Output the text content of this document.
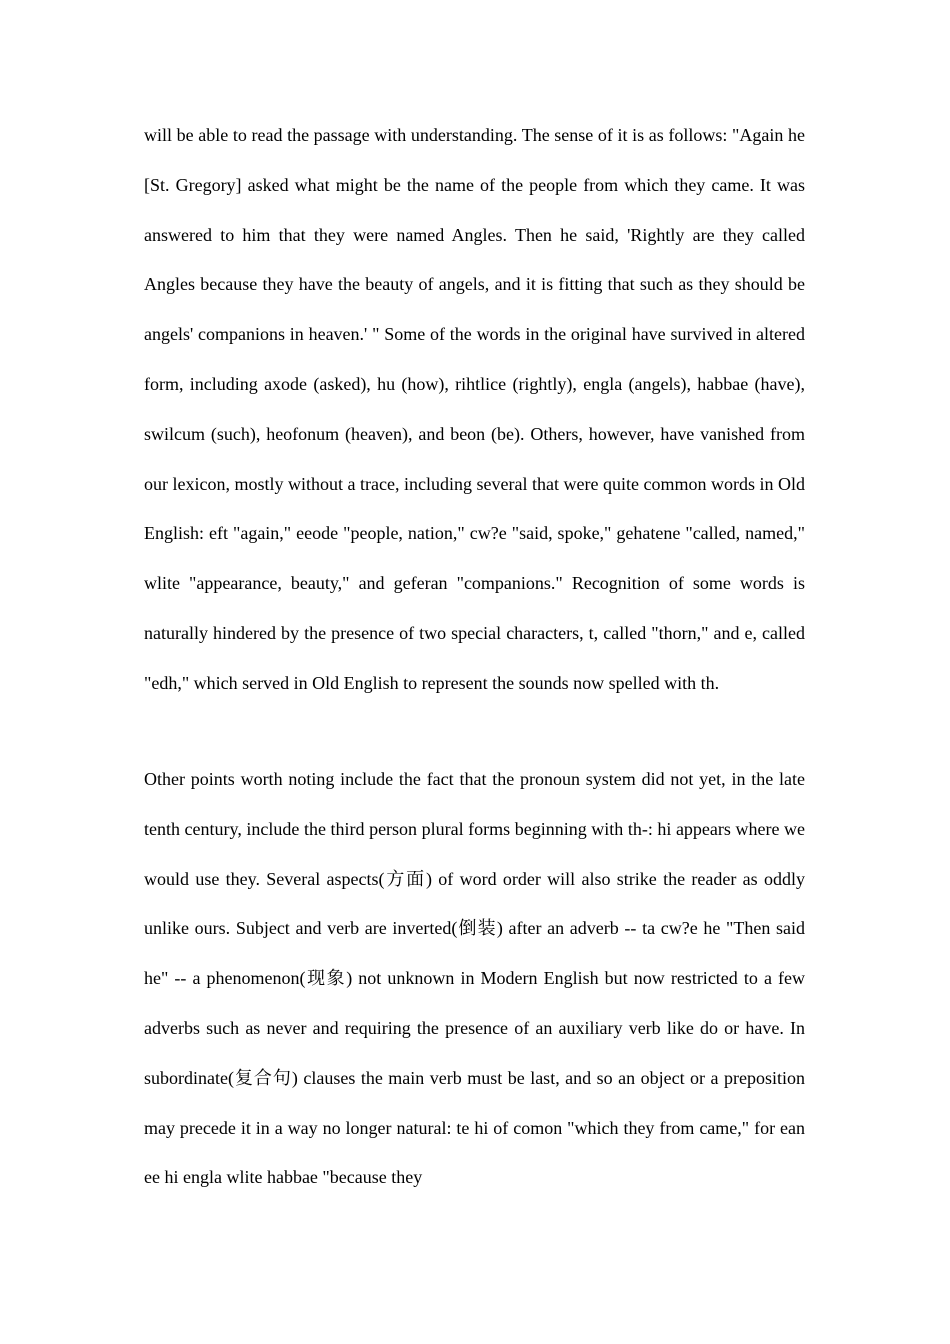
will be able to read the passage with understanding. The sense of it is as follows: "Again he [St. Gregory] asked what might be the name of the people from which they came. It was answered to him that they were named Angles. Then he said, 'Rightly are they called Angles because they have the beauty of angels, and it is fitting that such as they should be angels' companions in heaven.' " Some of the words in the original have survived in altered form, including axode (asked), hu (how), rihtlice (rightly), engla (angels), habbae (have), swilcum (such), heofonum (heaven), and beon (be). Others, however, have vanished from our lexicon, mostly without a trace, including several that were quite common words in Old English: eft "again," eeode "people, nation," cw?e "said, spoke," gehatene "called, named," wlite "appearance, beauty," and geferan "companions." Recognition of some words is naturally hindered by the presence of two special characters, t, called "thorn," and e, called "edh," which served in Old English to represent the sounds now spelled with th.

Other points worth noting include the fact that the pronoun system did not yet, in the late tenth century, include the third person plural forms beginning with th-: hi appears where we would use they. Several aspects(方面) of word order will also strike the reader as oddly unlike ours. Subject and verb are inverted(倒装) after an adverb -- ta cw?e he "Then said he" -- a phenomenon(现象) not unknown in Modern English but now restricted to a few adverbs such as never and requiring the presence of an auxiliary verb like do or have. In subordinate(复合句) clauses the main verb must be last, and so an object or a preposition may precede it in a way no longer natural: te hi of comon "which they from came," for ean ee hi engla wlite habbae "because they
